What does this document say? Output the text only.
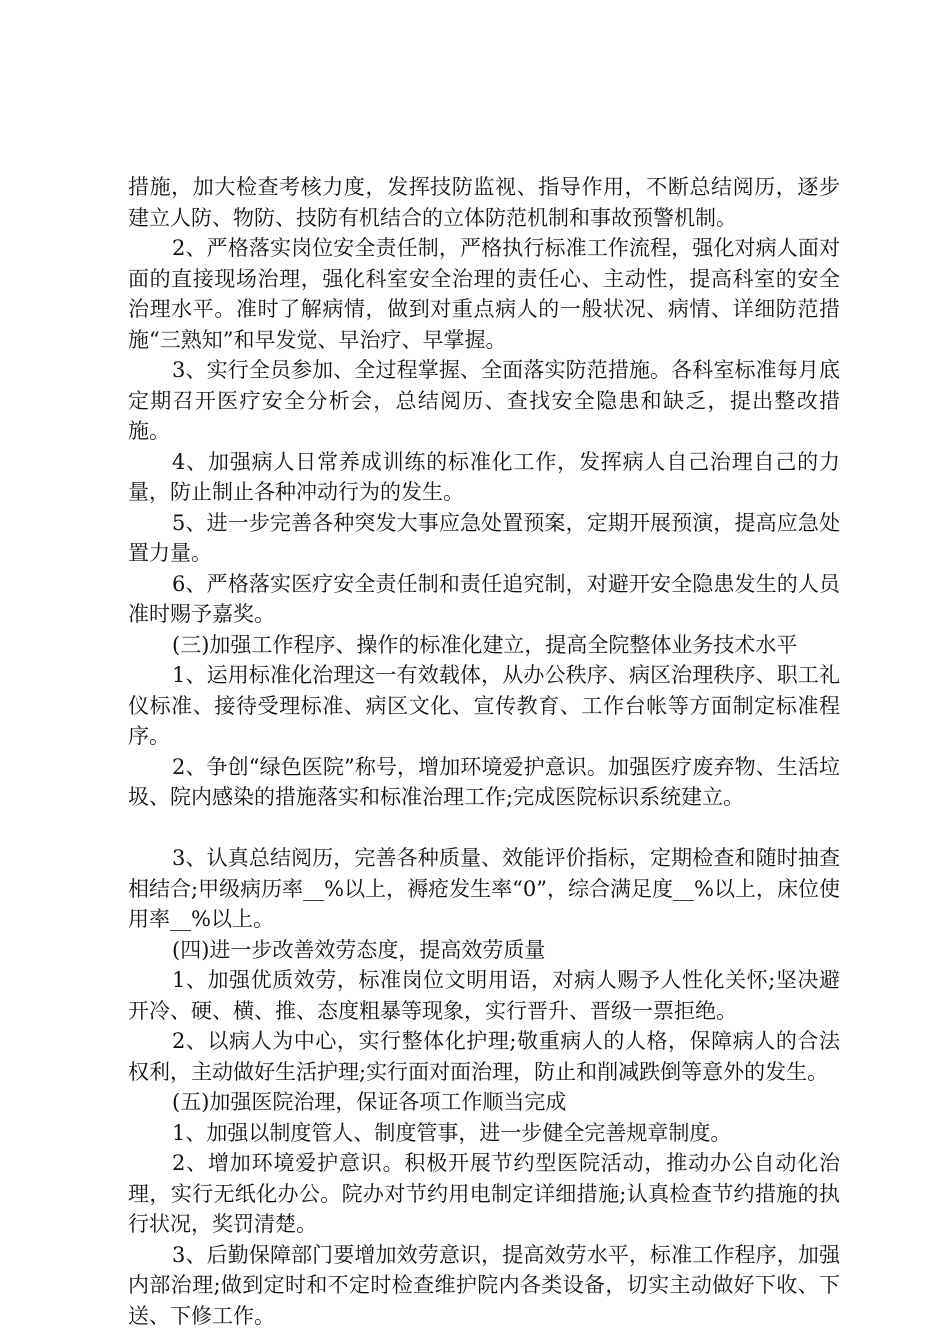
措施，加大检查考核力度，发挥技防监视、指导作用，不断总结阅历，逐步建立人防、物防、技防有机结合的立体防范机制和事故预警机制。

2、严格落实岗位安全责任制，严格执行标准工作流程，强化对病人面对面的直接现场治理，强化科室安全治理的责任心、主动性，提高科室的安全治理水平。准时了解病情，做到对重点病人的一般状况、病情、详细防范措施“三熟知”和早发觉、早治疗、早掌握。

3、实行全员参加、全过程掌握、全面落实防范措施。各科室标准每月底定期召开医疗安全分析会，总结阅历、查找安全隐患和缺乏，提出整改措施。

4、加强病人日常养成训练的标准化工作，发挥病人自己治理自己的力量，防止制止各种冲动行为的发生。

5、进一步完善各种突发大事应急处置预案，定期开展预演，提高应急处置力量。

6、严格落实医疗安全责任制和责任追究制，对避开安全隐患发生的人员准时赐予嘉奖。

(三)加强工作程序、操作的标准化建立，提高全院整体业务技术水平

1、运用标准化治理这一有效载体，从办公秩序、病区治理秩序、职工礼仪标准、接待受理标准、病区文化、宣传教育、工作台帐等方面制定标准程序。

2、争创“绿色医院”称号，增加环境爱护意识。加强医疗废弃物、生活垃圾、院内感染的措施落实和标准治理工作;完成医院标识系统建立。

3、认真总结阅历，完善各种质量、效能评价指标，定期检查和随时抽查相结合;甲级病历率__%以上，褥疮发生率“0”，综合满足度__%以上，床位使用率__%以上。

(四)进一步改善效劳态度，提高效劳质量

1、加强优质效劳，标准岗位文明用语，对病人赐予人性化关怀;坚决避开冷、硬、横、推、态度粗暴等现象，实行晋升、晋级一票拒绝。

2、以病人为中心，实行整体化护理;敬重病人的人格，保障病人的合法权利，主动做好生活护理;实行面对面治理，防止和削减跌倒等意外的发生。

(五)加强医院治理，保证各项工作顺当完成

1、加强以制度管人、制度管事，进一步健全完善规章制度。

2、增加环境爱护意识。积极开展节约型医院活动，推动办公自动化治理，实行无纸化办公。院办对节约用电制定详细措施;认真检查节约措施的执行状况，奖罚清楚。

3、后勤保障部门要增加效劳意识，提高效劳水平，标准工作程序，加强内部治理;做到定时和不定时检查维护院内各类设备，切实主动做好下收、下送、下修工作。
